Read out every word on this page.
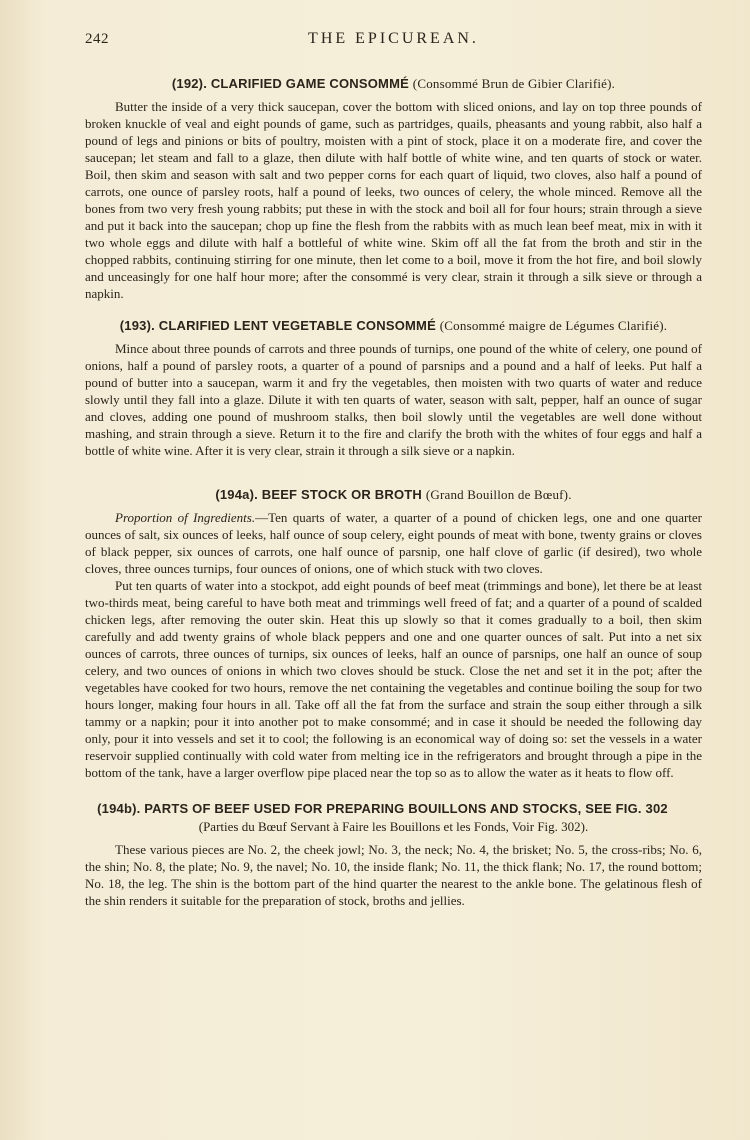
242	THE EPICUREAN.
(192). CLARIFIED GAME CONSOMMÉ (Consommé Brun de Gibier Clarifié).

Butter the inside of a very thick saucepan, cover the bottom with sliced onions, and lay on top three pounds of broken knuckle of veal and eight pounds of game, such as partridges, quails, pheasants and young rabbit, also half a pound of legs and pinions or bits of poultry, moisten with a pint of stock, place it on a moderate fire, and cover the saucepan; let steam and fall to a glaze, then dilute with half bottle of white wine, and ten quarts of stock or water. Boil, then skim and season with salt and two pepper corns for each quart of liquid, two cloves, also half a pound of carrots, one ounce of parsley roots, half a pound of leeks, two ounces of celery, the whole minced. Remove all the bones from two very fresh young rabbits; put these in with the stock and boil all for four hours; strain through a sieve and put it back into the saucepan; chop up fine the flesh from the rabbits with as much lean beef meat, mix in with it two whole eggs and dilute with half a bottleful of white wine. Skim off all the fat from the broth and stir in the chopped rabbits, continuing stirring for one minute, then let come to a boil, move it from the hot fire, and boil slowly and unceasingly for one half hour more; after the consommé is very clear, strain it through a silk sieve or through a napkin.

(193). CLARIFIED LENT VEGETABLE CONSOMMÉ (Consommé maigre de Légumes Clarifié).

Mince about three pounds of carrots and three pounds of turnips, one pound of the white of celery, one pound of onions, half a pound of parsley roots, a quarter of a pound of parsnips and a pound and a half of leeks. Put half a pound of butter into a saucepan, warm it and fry the vegetables, then moisten with two quarts of water and reduce slowly until they fall into a glaze. Dilute it with ten quarts of water, season with salt, pepper, half an ounce of sugar and cloves, adding one pound of mushroom stalks, then boil slowly until the vegetables are well done without mashing, and strain through a sieve. Return it to the fire and clarify the broth with the whites of four eggs and half a bottle of white wine. After it is very clear, strain it through a silk sieve or a napkin.

(194a). BEEF STOCK OR BROTH (Grand Bouillon de Bœuf).

Proportion of Ingredients.—Ten quarts of water, a quarter of a pound of chicken legs, one and one quarter ounces of salt, six ounces of leeks, half ounce of soup celery, eight pounds of meat with bone, twenty grains or cloves of black pepper, six ounces of carrots, one half ounce of parsnip, one half clove of garlic (if desired), two whole cloves, three ounces turnips, four ounces of onions, one of which stuck with two cloves.

Put ten quarts of water into a stockpot, add eight pounds of beef meat (trimmings and bone), let there be at least two-thirds meat, being careful to have both meat and trimmings well freed of fat; and a quarter of a pound of scalded chicken legs, after removing the outer skin. Heat this up slowly so that it comes gradually to a boil, then skim carefully and add twenty grains of whole black peppers and one and one quarter ounces of salt. Put into a net six ounces of carrots, three ounces of turnips, six ounces of leeks, half an ounce of parsnips, one half an ounce of soup celery, and two ounces of onions in which two cloves should be stuck. Close the net and set it in the pot; after the vegetables have cooked for two hours, remove the net containing the vegetables and continue boiling the soup for two hours longer, making four hours in all. Take off all the fat from the surface and strain the soup either through a silk tammy or a napkin; pour it into another pot to make consommé; and in case it should be needed the following day only, pour it into vessels and set it to cool; the following is an economical way of doing so: set the vessels in a water reservoir supplied continually with cold water from melting ice in the refrigerators and brought through a pipe in the bottom of the tank, have a larger overflow pipe placed near the top so as to allow the water as it heats to flow off.

(194b). PARTS OF BEEF USED FOR PREPARING BOUILLONS AND STOCKS, SEE FIG. 302
(Parties du Bœuf Servant à Faire les Bouillons et les Fonds, Voir Fig. 302).

These various pieces are No. 2, the cheek jowl; No. 3, the neck; No. 4, the brisket; No. 5, the cross-ribs; No. 6, the shin; No. 8, the plate; No. 9, the navel; No. 10, the inside flank; No. 11, the thick flank; No. 17, the round bottom; No. 18, the leg. The shin is the bottom part of the hind quarter the nearest to the ankle bone. The gelatinous flesh of the shin renders it suitable for the preparation of stock, broths and jellies.
